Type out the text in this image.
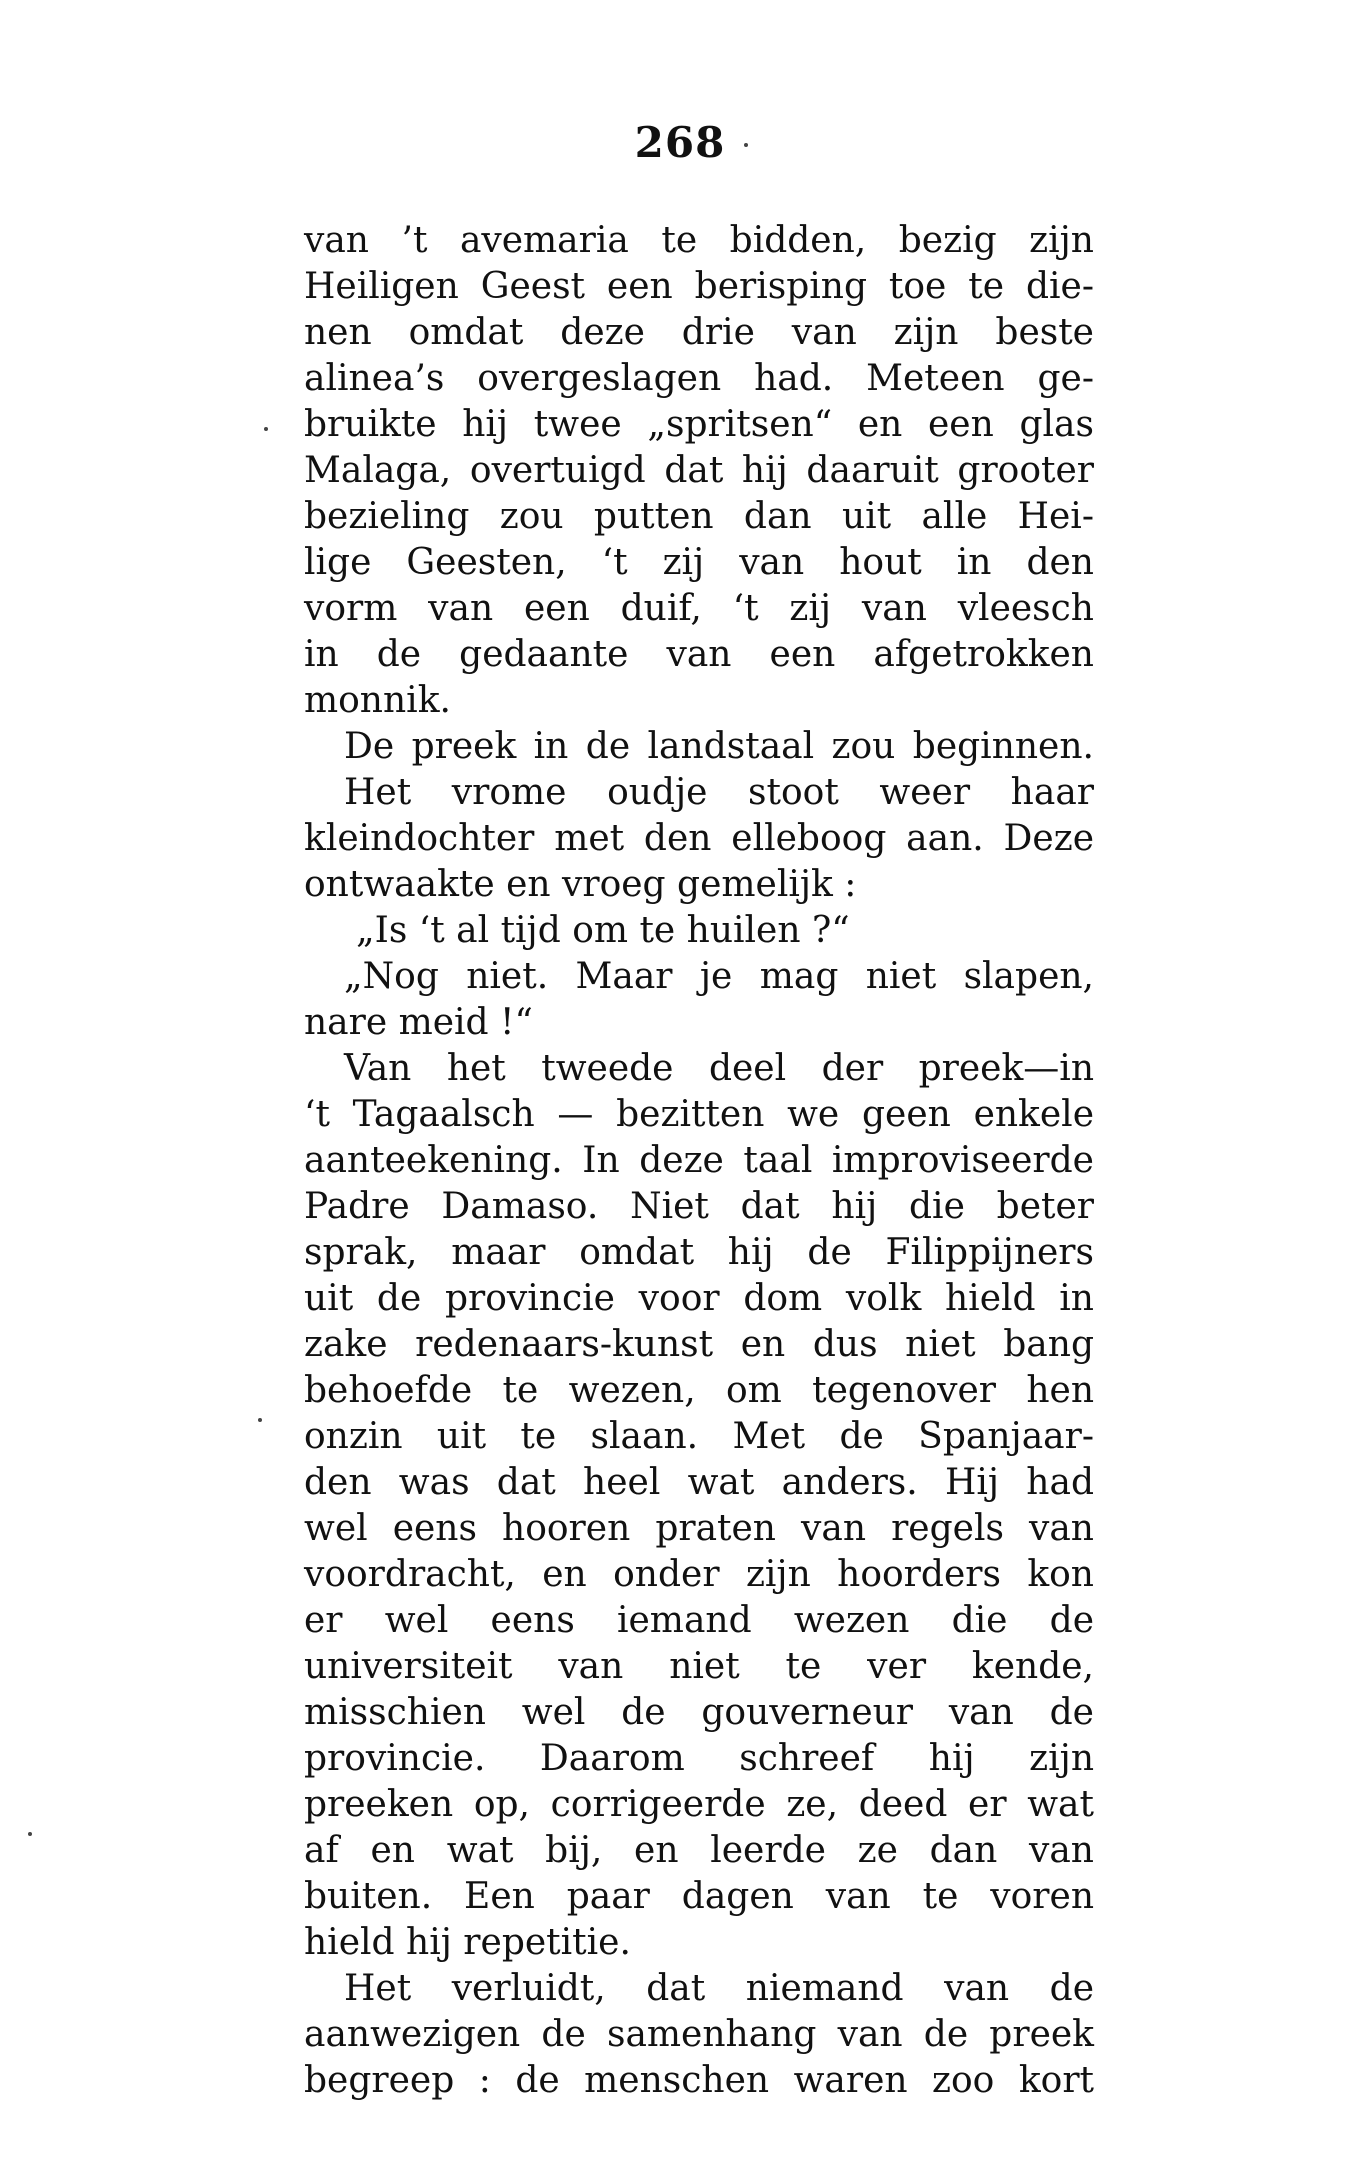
268
van ’t avemaria te bidden, bezig zijn
Heiligen Geest een berisping toe te die-
nen omdat deze drie van zijn beste
alinea’s overgeslagen had. Meteen ge-
bruikte hij twee „spritsen“ en een glas
Malaga, overtuigd dat hij daaruit grooter
bezieling zou putten dan uit alle Hei-
lige Geesten, ‘t zij van hout in den
vorm van een duif, ‘t zij van vleesch
in de gedaante van een afgetrokken
monnik.
De preek in de landstaal zou beginnen.
Het vrome oudje stoot weer haar
kleindochter met den elleboog aan. Deze
ontwaakte en vroeg gemelijk :
„Is ‘t al tijd om te huilen ?“
„Nog niet. Maar je mag niet slapen,
nare meid !“
Van het tweede deel der preek—in
‘t Tagaalsch — bezitten we geen enkele
aanteekening. In deze taal improviseerde
Padre Damaso. Niet dat hij die beter
sprak, maar omdat hij de Filippijners
uit de provincie voor dom volk hield in
zake redenaars-kunst en dus niet bang
behoefde te wezen, om tegenover hen
onzin uit te slaan. Met de Spanjaar-
den was dat heel wat anders. Hij had
wel eens hooren praten van regels van
voordracht, en onder zijn hoorders kon
er wel eens iemand wezen die de
universiteit van niet te ver kende,
misschien wel de gouverneur van de
provincie. Daarom schreef hij zijn
preeken op, corrigeerde ze, deed er wat
af en wat bij, en leerde ze dan van
buiten. Een paar dagen van te voren
hield hij repetitie.
Het verluidt, dat niemand van de
aanwezigen de samenhang van de preek
begreep : de menschen waren zoo kort
